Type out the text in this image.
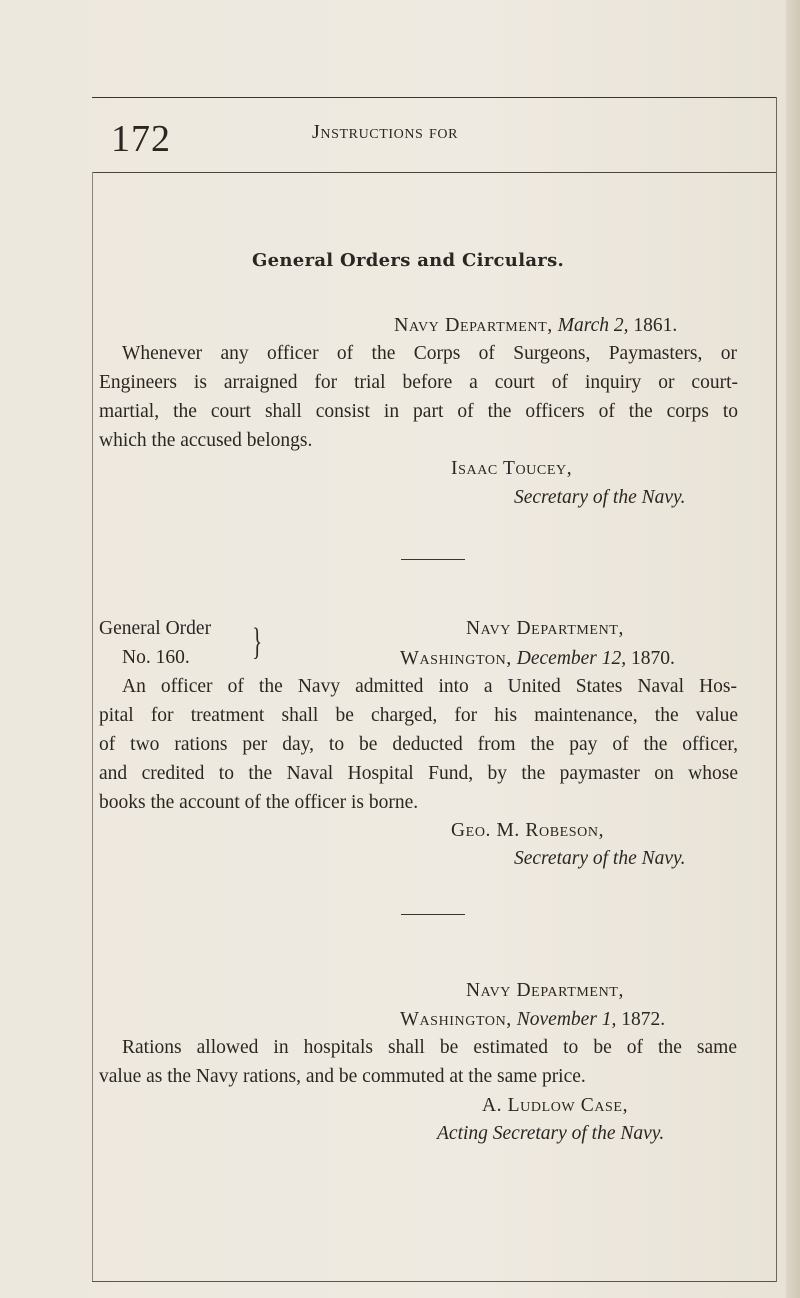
172	Jnstructions for

General Orders and Circulars.

Navy Department, March 2, 1861.

Whenever any officer of the Corps of Surgeons, Paymasters, or

Engineers is arraigned for trial before a court of inquiry or court-

martial, the court shall consist in part of the officers of the corps to

which the accused belongs.

Isaac Toucey,

Secretary of the Navy.

General Order

No. 160. }	Navy Department,

Washington, December 12, 1870.

An officer of the Navy admitted into a United States Naval Hos-

pital for treatment shall be charged, for his maintenance, the value

of two rations per day, to be deducted from the pay of the officer,

and credited to the Naval Hospital Fund, by the paymaster on whose

books the account of the officer is borne.

Geo. M. Robeson,

Secretary of the Navy.

Navy Department,

Washington, November 1, 1872.

Rations allowed in hospitals shall be estimated to be of the same

value as the Navy rations, and be commuted at the same price.

A. Ludlow Case,

Acting Secretary of the Navy.
